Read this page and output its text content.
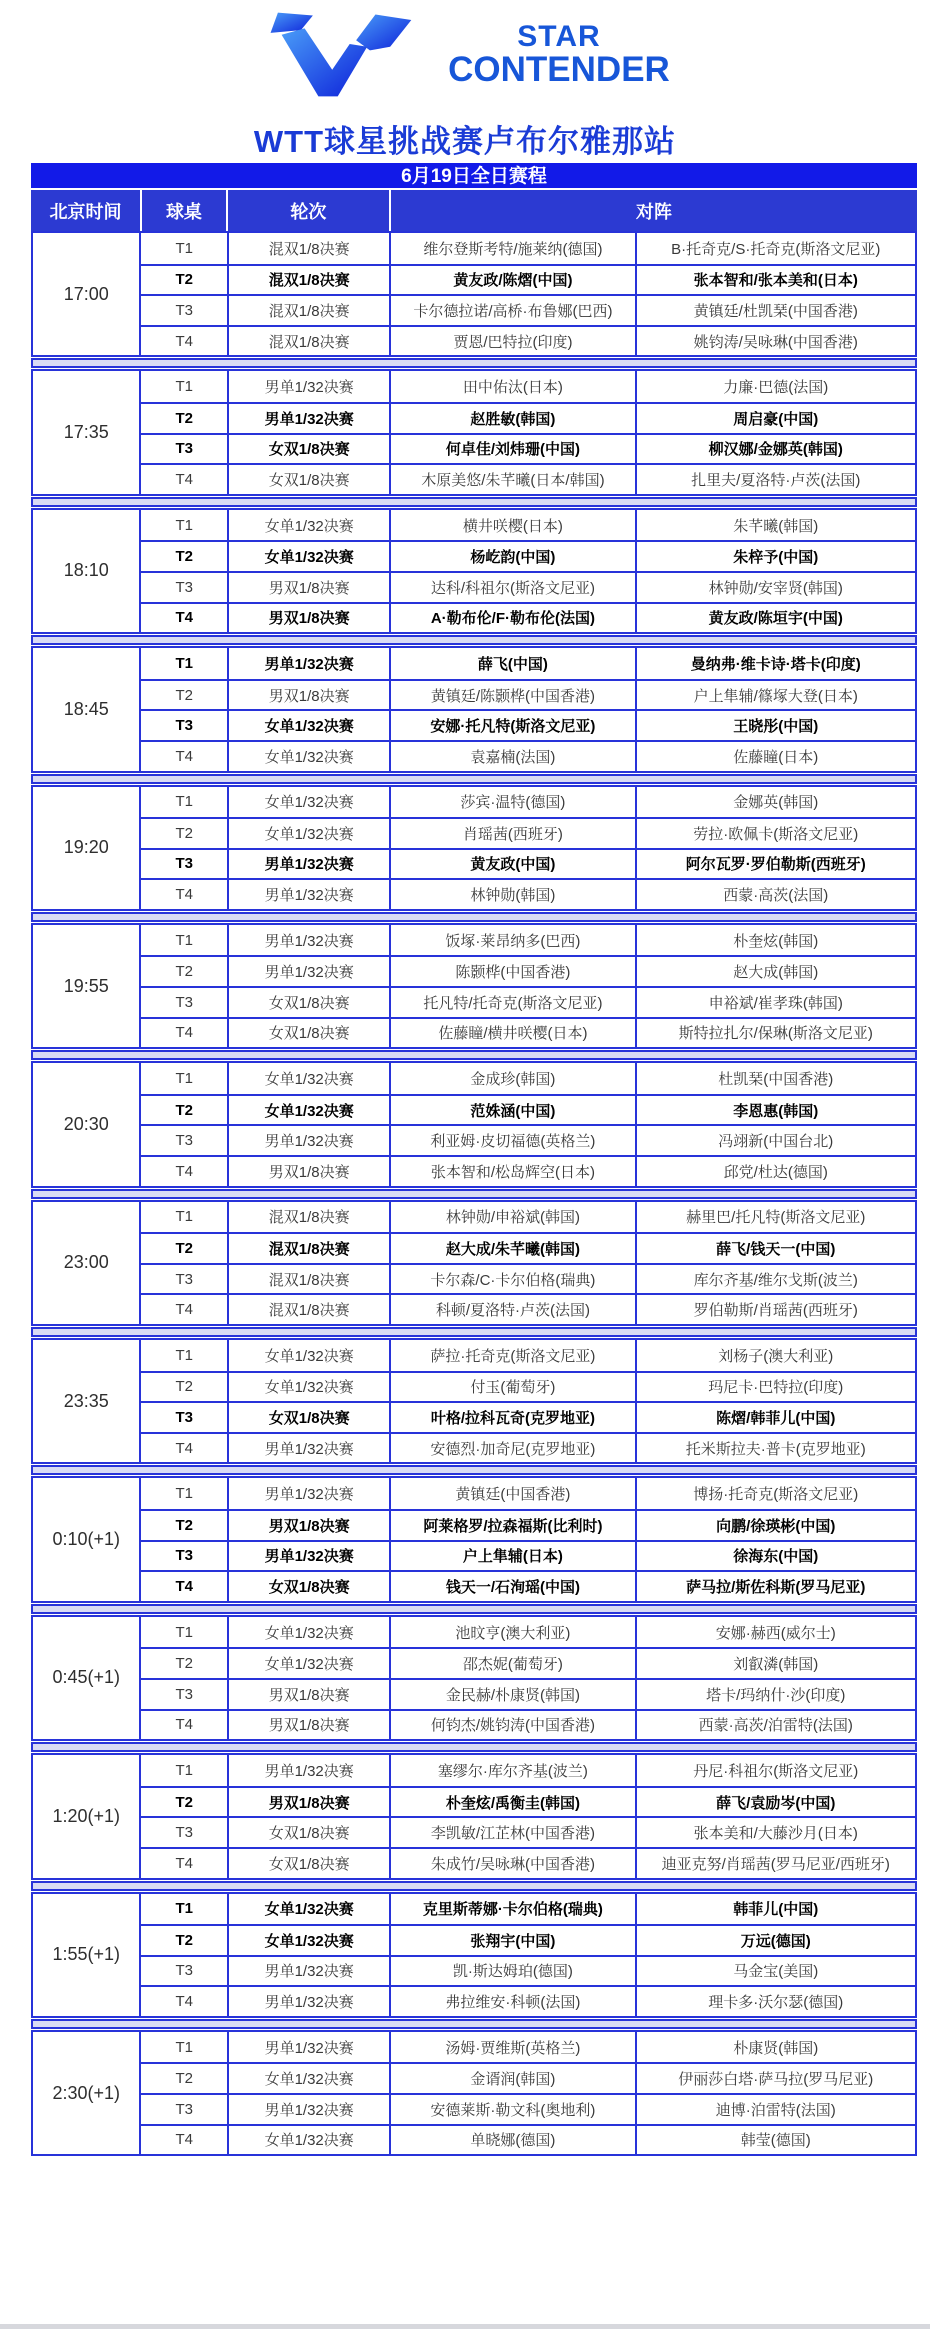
STAR
CONTENDER
WTT球星挑战赛卢布尔雅那站
6月19日全日赛程
北京时间	球桌	轮次	对阵
17:00
T1	混双1/8决赛	维尔登斯考特/施莱纳(德国)	B·托奇克/S·托奇克(斯洛文尼亚)
T2	混双1/8决赛	黄友政/陈熠(中国)	张本智和/张本美和(日本)
T3	混双1/8决赛	卡尔德拉诺/高桥·布鲁娜(巴西)	黄镇廷/杜凯琹(中国香港)
T4	混双1/8决赛	贾恩/巴特拉(印度)	姚钧涛/吴咏琳(中国香港)
17:35
T1	男单1/32决赛	田中佑汰(日本)	力廉·巴德(法国)
T2	男单1/32决赛	赵胜敏(韩国)	周启豪(中国)
T3	女双1/8决赛	何卓佳/刘炜珊(中国)	柳汉娜/金娜英(韩国)
T4	女双1/8决赛	木原美悠/朱芊曦(日本/韩国)	扎里夫/夏洛特·卢茨(法国)
18:10
T1	女单1/32决赛	横井咲樱(日本)	朱芊曦(韩国)
T2	女单1/32决赛	杨屹韵(中国)	朱梓予(中国)
T3	男双1/8决赛	达科/科祖尔(斯洛文尼亚)	林钟勋/安宰贤(韩国)
T4	男双1/8决赛	A·勒布伦/F·勒布伦(法国)	黄友政/陈垣宇(中国)
18:45
T1	男单1/32决赛	薛飞(中国)	曼纳弗·维卡诗·塔卡(印度)
T2	男双1/8决赛	黄镇廷/陈颢桦(中国香港)	户上隼辅/篠塚大登(日本)
T3	女单1/32决赛	安娜·托凡特(斯洛文尼亚)	王晓彤(中国)
T4	女单1/32决赛	袁嘉楠(法国)	佐藤瞳(日本)
19:20
T1	女单1/32决赛	莎宾·温特(德国)	金娜英(韩国)
T2	女单1/32决赛	肖瑶茜(西班牙)	劳拉·欧佩卡(斯洛文尼亚)
T3	男单1/32决赛	黄友政(中国)	阿尔瓦罗·罗伯勒斯(西班牙)
T4	男单1/32决赛	林钟勋(韩国)	西蒙·高茨(法国)
19:55
T1	男单1/32决赛	饭塚·莱昂纳多(巴西)	朴奎炫(韩国)
T2	男单1/32决赛	陈颢桦(中国香港)	赵大成(韩国)
T3	女双1/8决赛	托凡特/托奇克(斯洛文尼亚)	申裕斌/崔孝珠(韩国)
T4	女双1/8决赛	佐藤瞳/横井咲樱(日本)	斯特拉扎尔/保琳(斯洛文尼亚)
20:30
T1	女单1/32决赛	金成珍(韩国)	杜凯琹(中国香港)
T2	女单1/32决赛	范姝涵(中国)	李恩惠(韩国)
T3	男单1/32决赛	利亚姆·皮切福德(英格兰)	冯翊新(中国台北)
T4	男双1/8决赛	张本智和/松岛辉空(日本)	邱党/杜达(德国)
23:00
T1	混双1/8决赛	林钟勋/申裕斌(韩国)	赫里巴/托凡特(斯洛文尼亚)
T2	混双1/8决赛	赵大成/朱芊曦(韩国)	薛飞/钱天一(中国)
T3	混双1/8决赛	卡尔森/C·卡尔伯格(瑞典)	库尔齐基/维尔戈斯(波兰)
T4	混双1/8决赛	科顿/夏洛特·卢茨(法国)	罗伯勒斯/肖瑶茜(西班牙)
23:35
T1	女单1/32决赛	萨拉·托奇克(斯洛文尼亚)	刘杨子(澳大利亚)
T2	女单1/32决赛	付玉(葡萄牙)	玛尼卡·巴特拉(印度)
T3	女双1/8决赛	叶格/拉科瓦奇(克罗地亚)	陈熠/韩菲儿(中国)
T4	男单1/32决赛	安德烈·加奇尼(克罗地亚)	托米斯拉夫·普卡(克罗地亚)
0:10(+1)
T1	男单1/32决赛	黄镇廷(中国香港)	博扬·托奇克(斯洛文尼亚)
T2	男双1/8决赛	阿莱格罗/拉森福斯(比利时)	向鹏/徐瑛彬(中国)
T3	男单1/32决赛	户上隼辅(日本)	徐海东(中国)
T4	女双1/8决赛	钱天一/石洵瑶(中国)	萨马拉/斯佐科斯(罗马尼亚)
0:45(+1)
T1	女单1/32决赛	池旼亨(澳大利亚)	安娜·赫西(威尔士)
T2	女单1/32决赛	邵杰妮(葡萄牙)	刘叡潾(韩国)
T3	男双1/8决赛	金民赫/朴康贤(韩国)	塔卡/玛纳什·沙(印度)
T4	男双1/8决赛	何钧杰/姚钧涛(中国香港)	西蒙·高茨/泊雷特(法国)
1:20(+1)
T1	男单1/32决赛	塞缪尔·库尔齐基(波兰)	丹尼·科祖尔(斯洛文尼亚)
T2	男双1/8决赛	朴奎炫/禹衡圭(韩国)	薛飞/袁励岑(中国)
T3	女双1/8决赛	李凯敏/江芷林(中国香港)	张本美和/大藤沙月(日本)
T4	女双1/8决赛	朱成竹/吴咏琳(中国香港)	迪亚克努/肖瑶茜(罗马尼亚/西班牙)
1:55(+1)
T1	女单1/32决赛	克里斯蒂娜·卡尔伯格(瑞典)	韩菲儿(中国)
T2	女单1/32决赛	张翔宇(中国)	万远(德国)
T3	男单1/32决赛	凯·斯达姆珀(德国)	马金宝(美国)
T4	男单1/32决赛	弗拉维安·科顿(法国)	理卡多·沃尔瑟(德国)
2:30(+1)
T1	男单1/32决赛	汤姆·贾维斯(英格兰)	朴康贤(韩国)
T2	女单1/32决赛	金谞润(韩国)	伊丽莎白塔·萨马拉(罗马尼亚)
T3	男单1/32决赛	安德莱斯·勒文科(奥地利)	迪博·泊雷特(法国)
T4	女单1/32决赛	单晓娜(德国)	韩莹(德国)
